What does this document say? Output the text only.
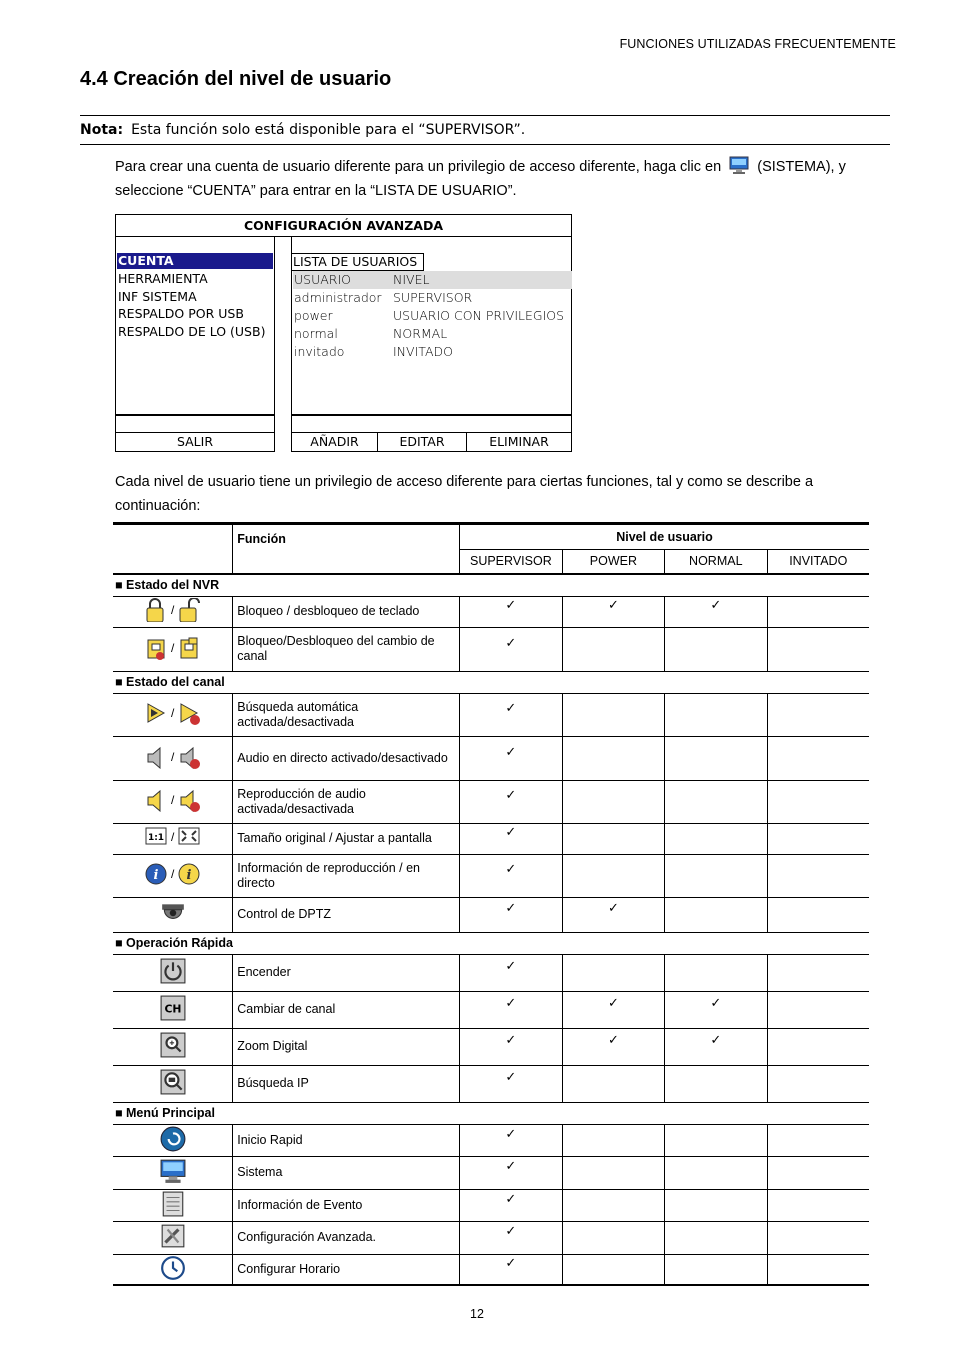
FUNCIONES UTILIZADAS FRECUENTEMENTE
4.4 Creación del nivel de usuario
Nota: Esta función solo está disponible para el “SUPERVISOR”.
Para crear una cuenta de usuario diferente para un privilegio de acceso diferente, haga clic en (SISTEMA), y seleccione “CUENTA” para entrar en la “LISTA DE USUARIO”.
CONFIGURACIÓN AVANZADA
CUENTA
HERRAMIENTA
INF SISTEMA
RESPALDO POR USB
RESPALDO DE LO (USB)
LISTA DE USUARIOS
USUARIO	NIVEL
administrador SUPERVISOR
power	USUARIO CON PRIVILEGIOS
normal	NORMAL
invitado	INVITADO
SALIR	AÑADIR	EDITAR	ELIMINAR
Cada nivel de usuario tiene un privilegio de acceso diferente para ciertas funciones, tal y como se describe a continuación:
	Función	Nivel de usuario			
		SUPERVISOR	POWER	NORMAL	INVITADO
■ Estado del NVR					

/	Bloqueo / desbloqueo de teclado	✓	✓	✓	

/	Bloqueo/Desbloqueo del cambio de canal	✓			
■ Estado del canal					

/	Búsqueda automática activada/desactivada	✓			

/	Audio en directo activado/desactivado	✓			

/	Reproducción de audio activada/desactivada	✓			

1:1 /	Tamaño original / Ajustar a pantalla	✓			

i / i	Información de reproducción / en directo	✓			
	Control de DPTZ	✓	✓		
■ Operación Rápida					
	Encender	✓			

CH	Cambiar de canal	✓	✓	✓	
	Zoom Digital	✓	✓	✓	
	Búsqueda IP	✓			
■ Menú Principal					
	Inicio Rapid	✓			
	Sistema	✓			
	Información de Evento	✓			
	Configuración Avanzada.	✓			
	Configurar Horario	✓			
12
